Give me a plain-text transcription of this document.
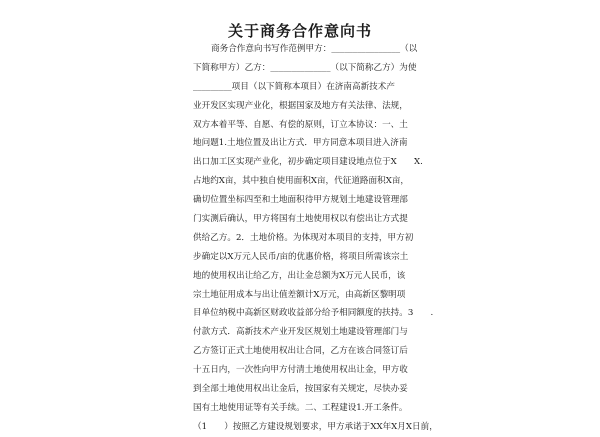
关于商务合作意向书
商务合作意向书写作范例甲方：________________（以
下简称甲方）乙方：______________（以下简称乙方）为使
_________项目（以下简称本项目）在济南高新技术产
业开发区实现产业化，根据国家及地方有关法律、法规，
双方本着平等、自愿、有偿的原则，订立本协议：一、土
地问题1.土地位置及出让方式．甲方同意本项目进入济南
出口加工区实现产业化，初步确定项目建设地点位于X　　X.
占地约X亩，其中独自使用面积X亩，代征道路面积X亩，
确切位置坐标四至和土地面积待甲方规划土地建设管理部
门实测后确认，甲方将国有土地使用权以有偿出让方式提
供给乙方。2．土地价格。为体现对本项目的支持，甲方初
步确定以X万元人民币/亩的优惠价格，将项目所需该宗土
地的使用权出让给乙方，出让金总额为X万元人民币，该
宗土地征用成本与出让值差额计X万元，由高新区黎明项
目单位纳税中高新区财政收益部分给予相同额度的扶持。3　　.
付款方式．高新技术产业开发区规划土地建设管理部门与
乙方签订正式土地使用权出让合同，乙方在该合同签订后
十五日内，一次性向甲方付清土地使用权出让金，甲方收
到全部土地使用权出让金后，按国家有关规定，尽快办妥
国有土地使用证等有关手续。二、工程建设1.开工条件。
（1　　）按照乙方建设规划要求，甲方承诺于XX年X月X日前，
